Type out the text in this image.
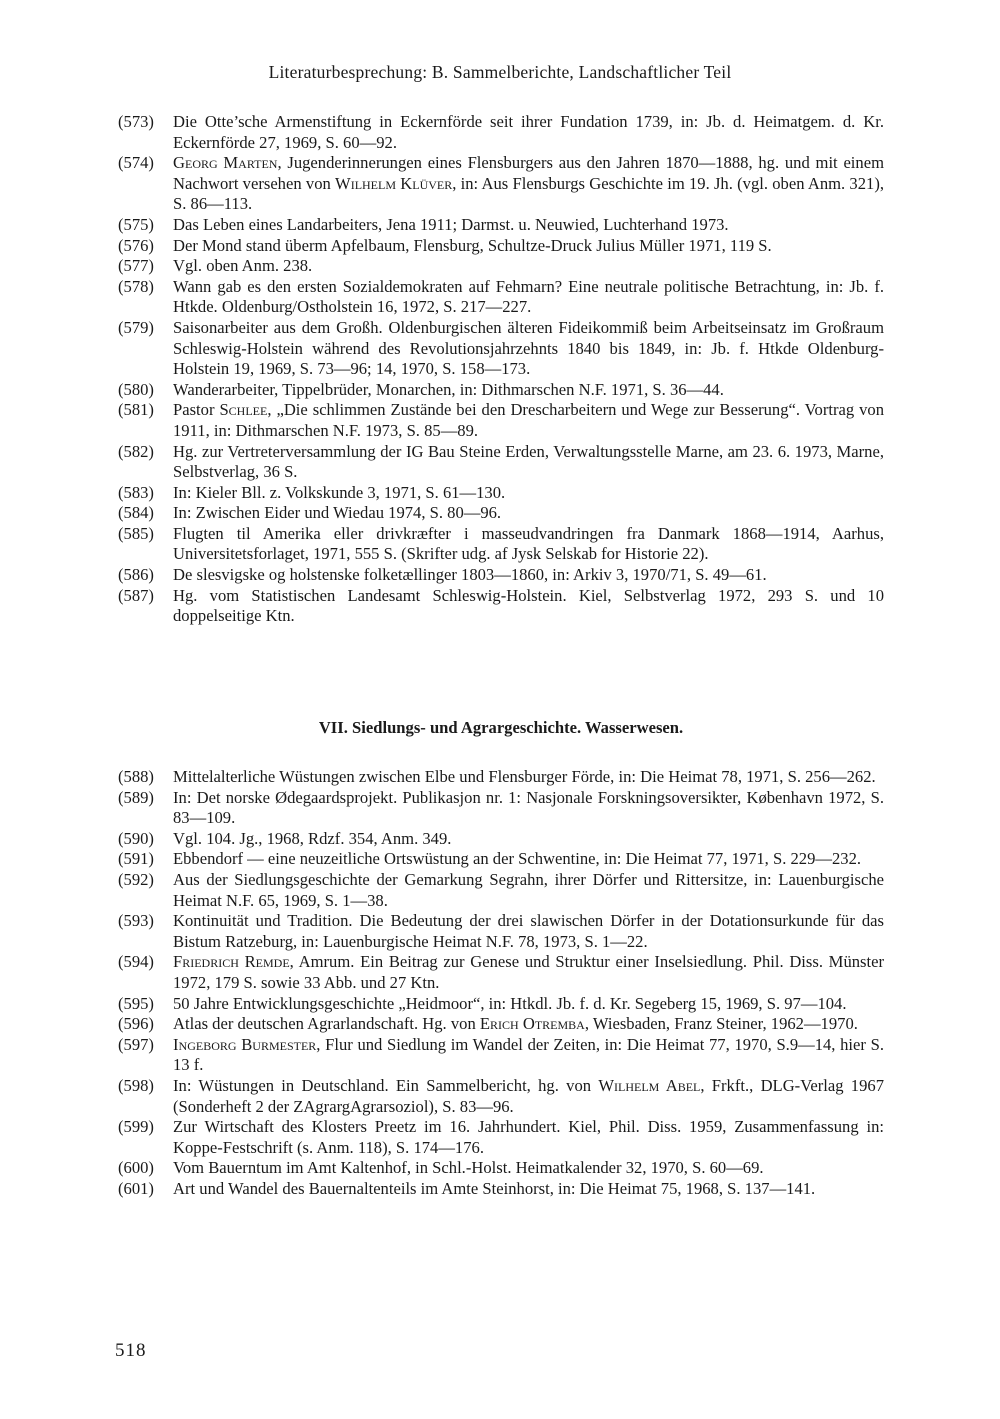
Literaturbesprechung: B. Sammelberichte, Landschaftlicher Teil
(573) Die Otte’sche Armenstiftung in Eckernförde seit ihrer Fundation 1739, in: Jb. d. Heimatgem. d. Kr. Eckernförde 27, 1969, S. 60—92.
(574) Georg Marten, Jugenderinnerungen eines Flensburgers aus den Jahren 1870—1888, hg. und mit einem Nachwort versehen von Wilhelm Klüver, in: Aus Flensburgs Geschichte im 19. Jh. (vgl. oben Anm. 321), S. 86—113.
(575) Das Leben eines Landarbeiters, Jena 1911; Darmst. u. Neuwied, Luchterhand 1973.
(576) Der Mond stand überm Apfelbaum, Flensburg, Schultze-Druck Julius Müller 1971, 119 S.
(577) Vgl. oben Anm. 238.
(578) Wann gab es den ersten Sozialdemokraten auf Fehmarn? Eine neutrale politische Betrachtung, in: Jb. f. Htkde. Oldenburg/Ostholstein 16, 1972, S. 217—227.
(579) Saisonarbeiter aus dem Großh. Oldenburgischen älteren Fideikommiß beim Arbeitseinsatz im Großraum Schleswig-Holstein während des Revolutionsjahrzehnts 1840 bis 1849, in: Jb. f. Htkde Oldenburg-Holstein 19, 1969, S. 73—96; 14, 1970, S. 158—173.
(580) Wanderarbeiter, Tippelbrüder, Monarchen, in: Dithmarschen N.F. 1971, S. 36—44.
(581) Pastor Schlee, „Die schlimmen Zustände bei den Drescharbeitern und Wege zur Besserung“. Vortrag von 1911, in: Dithmarschen N.F. 1973, S. 85—89.
(582) Hg. zur Vertreterversammlung der IG Bau Steine Erden, Verwaltungsstelle Marne, am 23. 6. 1973, Marne, Selbstverlag, 36 S.
(583) In: Kieler Bll. z. Volkskunde 3, 1971, S. 61—130.
(584) In: Zwischen Eider und Wiedau 1974, S. 80—96.
(585) Flugten til Amerika eller drivkræfter i masseudvandringen fra Danmark 1868—1914, Aarhus, Universitetsforlaget, 1971, 555 S. (Skrifter udg. af Jysk Selskab for Historie 22).
(586) De slesvigske og holstenske folketællinger 1803—1860, in: Arkiv 3, 1970/71, S. 49—61.
(587) Hg. vom Statistischen Landesamt Schleswig-Holstein. Kiel, Selbstverlag 1972, 293 S. und 10 doppelseitige Ktn.
VII. Siedlungs- und Agrargeschichte. Wasserwesen.
(588) Mittelalterliche Wüstungen zwischen Elbe und Flensburger Förde, in: Die Heimat 78, 1971, S. 256—262.
(589) In: Det norske Ødegaardsprojekt. Publikasjon nr. 1: Nasjonale Forskningsoversikter, København 1972, S. 83—109.
(590) Vgl. 104. Jg., 1968, Rdzf. 354, Anm. 349.
(591) Ebbendorf — eine neuzeitliche Ortswüstung an der Schwentine, in: Die Heimat 77, 1971, S. 229—232.
(592) Aus der Siedlungsgeschichte der Gemarkung Segrahn, ihrer Dörfer und Rittersitze, in: Lauenburgische Heimat N.F. 65, 1969, S. 1—38.
(593) Kontinuität und Tradition. Die Bedeutung der drei slawischen Dörfer in der Dotationsurkunde für das Bistum Ratzeburg, in: Lauenburgische Heimat N.F. 78, 1973, S. 1—22.
(594) Friedrich Remde, Amrum. Ein Beitrag zur Genese und Struktur einer Inselsiedlung. Phil. Diss. Münster 1972, 179 S. sowie 33 Abb. und 27 Ktn.
(595) 50 Jahre Entwicklungsgeschichte „Heidmoor“, in: Htkdl. Jb. f. d. Kr. Segeberg 15, 1969, S. 97—104.
(596) Atlas der deutschen Agrarlandschaft. Hg. von Erich Otremba, Wiesbaden, Franz Steiner, 1962—1970.
(597) Ingeborg Burmester, Flur und Siedlung im Wandel der Zeiten, in: Die Heimat 77, 1970, S.9—14, hier S. 13 f.
(598) In: Wüstungen in Deutschland. Ein Sammelbericht, hg. von Wilhelm Abel, Frkft., DLG-Verlag 1967 (Sonderheft 2 der ZAgrargAgrarsoziol), S. 83—96.
(599) Zur Wirtschaft des Klosters Preetz im 16. Jahrhundert. Kiel, Phil. Diss. 1959, Zusammenfassung in: Koppe-Festschrift (s. Anm. 118), S. 174—176.
(600) Vom Bauerntum im Amt Kaltenhof, in Schl.-Holst. Heimatkalender 32, 1970, S. 60—69.
(601) Art und Wandel des Bauernaltenteils im Amte Steinhorst, in: Die Heimat 75, 1968, S. 137—141.
518
